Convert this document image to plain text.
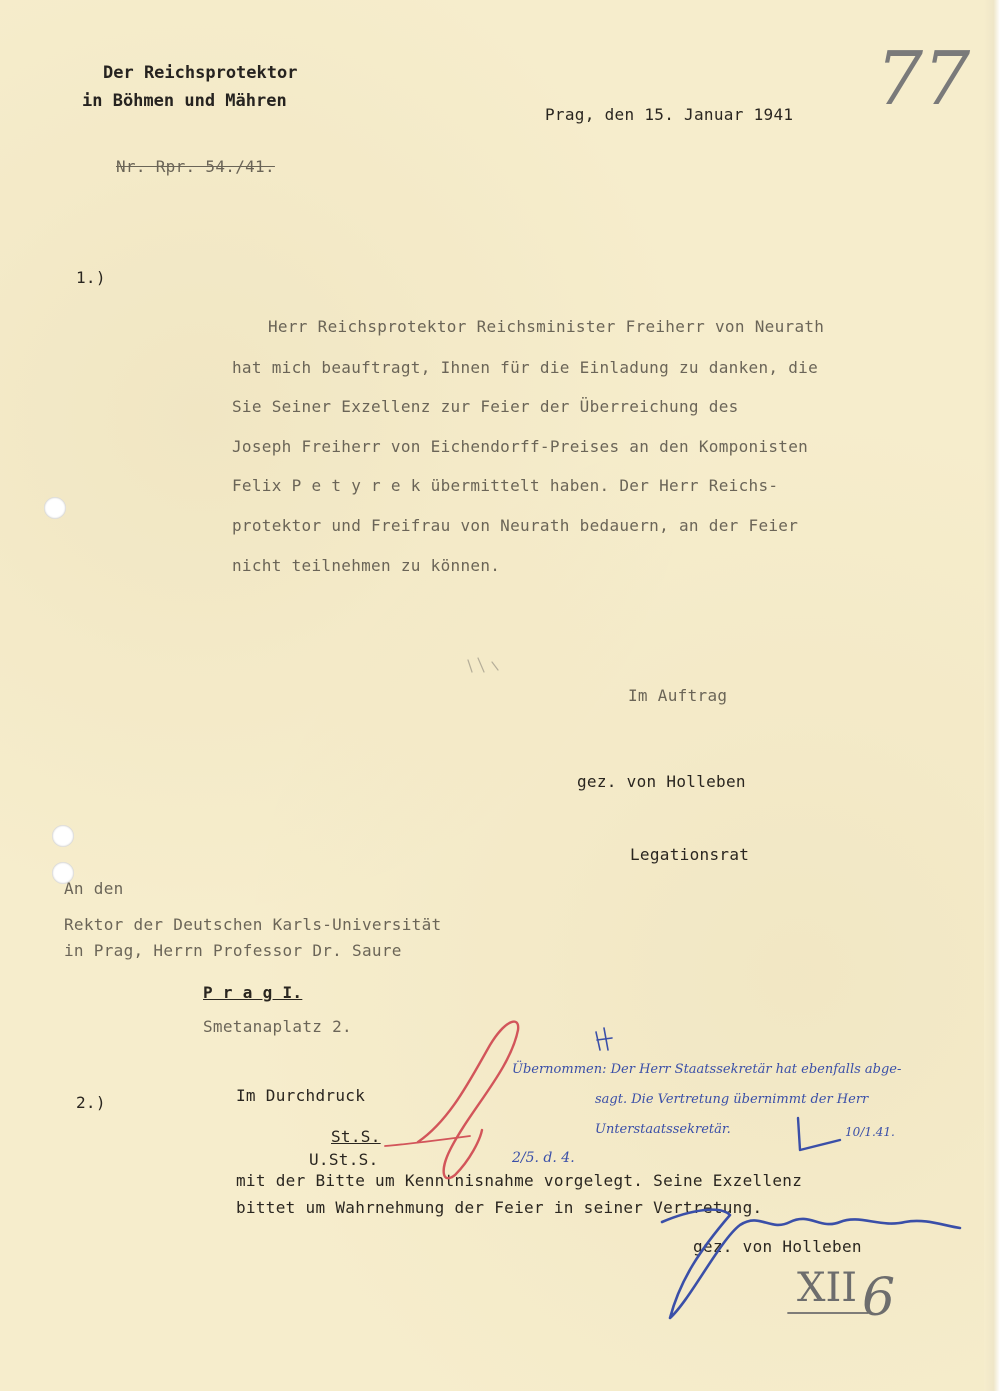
Der Reichsprotektor
in Böhmen und Mähren
Nr. Rpr. 54./41.
Prag, den 15. Januar 1941 77
1.)
Herr Reichsprotektor Reichsminister Freiherr von Neurath
hat mich beauftragt, Ihnen für die Einladung zu danken, die
Sie Seiner Exzellenz zur Feier der Überreichung des
Joseph Freiherr von Eichendorff-Preises an den Komponisten
Felix P e t y r e k übermittelt haben. Der Herr Reichs-
protektor und Freifrau von Neurath bedauern, an der Feier
nicht teilnehmen zu können.
Im Auftrag
gez. von Holleben
Legationsrat
An den
Rektor der Deutschen Karls-Universität
in Prag, Herrn Professor Dr. Saure
P r a g I.
Smetanaplatz 2.
2.)	Im Durchdruck
St.S.
U.St.S.
mit der Bitte um Kenntnisnahme vorgelegt. Seine Exzellenz
bittet um Wahrnehmung der Feier in seiner Vertretung.
gez. von Holleben
Übernommen: Der Herr Staatssekretär hat ebenfalls abge-
sagt. Die Vertretung übernimmt der Herr
Unterstaatssekretär.	10/1.41.
2/5. d. 4.
XII 6
